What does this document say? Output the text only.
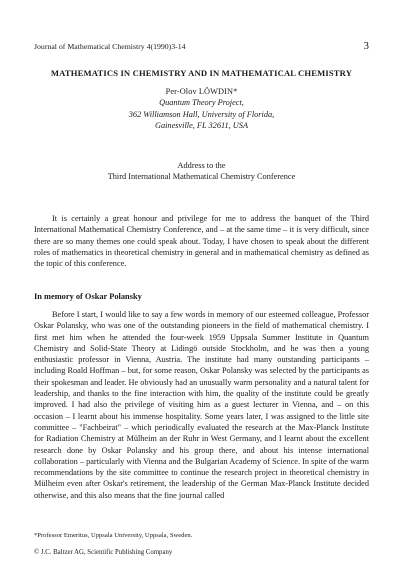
Journal of Mathematical Chemistry 4(1990)3-14	3
MATHEMATICS IN CHEMISTRY AND IN MATHEMATICAL CHEMISTRY
Per-Olov LÖWDIN*
Quantum Theory Project,
362 Williamson Hall, University of Florida,
Gainesville, FL 32611, USA
Address to the
Third International Mathematical Chemistry Conference

It is certainly a great honour and privilege for me to address the banquet of the Third International Mathematical Chemistry Conference, and – at the same time – it is very difficult, since there are so many themes one could speak about. Today, I have chosen to speak about the different roles of mathematics in theoretical chemistry in general and in mathematical chemistry as defined as the topic of this conference.

In memory of Oskar Polansky

Before I start, I would like to say a few words in memory of our esteemed colleague, Professor Oskar Polansky, who was one of the outstanding pioneers in the field of mathematical chemistry. I first met him when he attended the four-week 1959 Uppsala Summer Institute in Quantum Chemistry and Solid-State Theory at Lidingö outside Stockholm, and he was then a young enthusiastic professor in Vienna, Austria. The institute had many outstanding participants – including Roald Hoffman – but, for some reason, Oskar Polansky was selected by the participants as their spokesman and leader. He obviously had an unusually warm personality and a natural talent for leadership, and thanks to the fine interaction with him, the quality of the institute could be greatly improved. I had also the privilege of visiting him as a guest lecturer in Vienna, and – on this occasion – I learnt about his immense hospitality. Some years later, I was assigned to the little site committee – "Fachbeirat" – which periodically evaluated the research at the Max-Planck Institute for Radiation Chemistry at Mülheim an der Ruhr in West Germany, and I learnt about the excellent research done by Oskar Polansky and his group there, and about his intense international collaboration – particularly with Vienna and the Bulgarian Academy of Science. In spite of the warm recommendations by the site committee to continue the research project in theoretical chemistry in Mülheim even after Oskar's retirement, the leadership of the German Max-Planck Institute decided otherwise, and this also means that the fine journal called

*Professor Emeritus, Uppsala University, Uppsala, Sweden.
© J.C. Baltzer AG, Scientific Publishing Company
